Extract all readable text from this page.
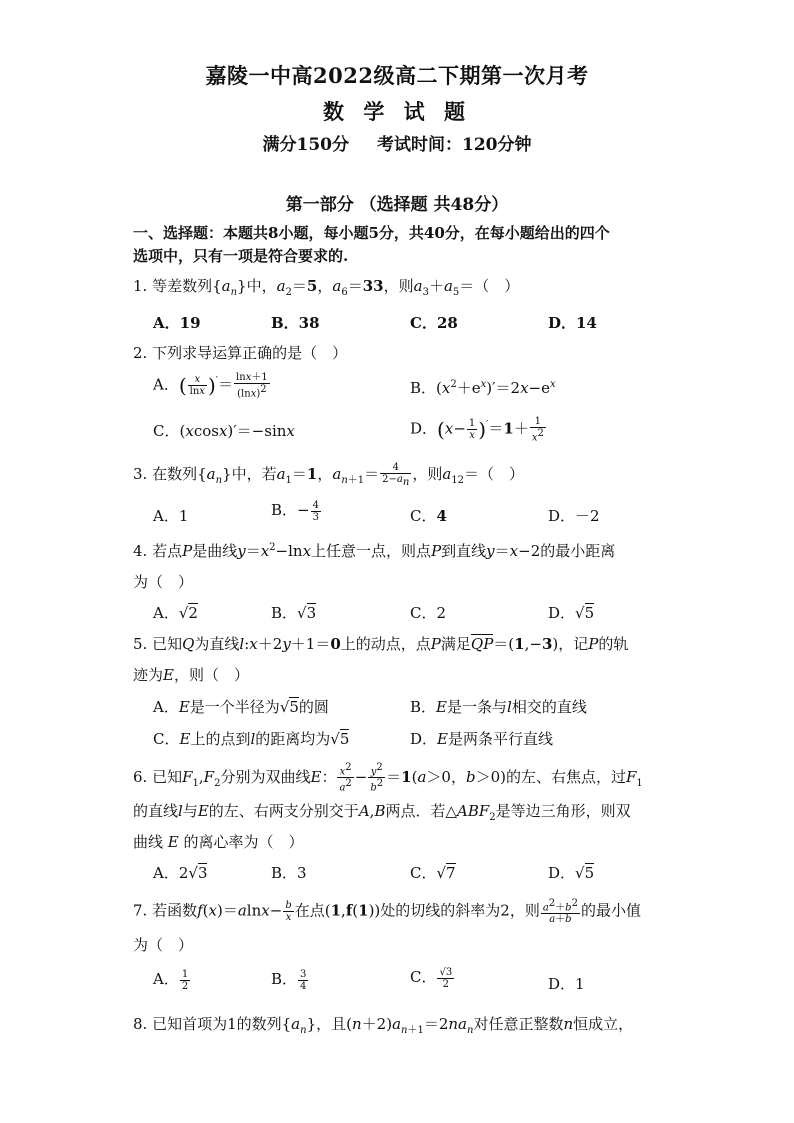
嘉陵一中高2022级高二下期第一次月考
数 学 试 题
满分150分 考试时间：120分钟
第一部分 （选择题 共48分）
一、选择题：本题共8小题，每小题5分，共40分，在每小题给出的四个
选项中，只有一项是符合要求的.
1. 等差数列$\{a_n\}$中，$a_2=5$，$a_6=33$，则$a_3+a_5=$（　）
A．19	B．38	C．28	D．14
2. 下列求导运算正确的是（　）
A．( $\frac{x}{\ln x} )'= \frac{\ln x+1}{(\ln x)^2}$	B．$(x^2+e^x)'=2x-e^x$
C．(xcosx)′＝−sinx	D．$(x- \frac{1}{x} )'=1+ \frac{1}{x^2}$
3. 在数列$\{a_n\}$中，若$a_1=1$，$a_{n+1}= \frac{4}{2-a_n}$ ，则$a_{12}=$（　）
A．1	B．− $\frac{4}{3}$	C．4	D．－2
4. 若点P是曲线$y=x^2-\ln x$上任意一点，则点P到直线y＝x−2的最小距离
为（　）
A．√2	B．√3	C．2	D．√5
5. 已知Q为直线l:x＋2y＋1＝0上的动点，点P满足QP＝(1,−3)，记P的轨
迹为E，则（　）
A．E是一个半径为√5的圆	B．E是一条与l相交的直线
C．E上的点到l的距离均为√5	D．E是两条平行直线
6. 已知$F_1,F_2$分别为双曲线E： $\frac{x^2}{a^2} - \frac{y^2}{b^2} =1(a>0$，b＞0)的左、右焦点，过$F_1$
的直线l与E的左、右两支分别交于A,B两点．若$\triangle ABF_2$是等边三角形，则双
曲线 E 的离心率为（　）
A．2√3	B．3	C．√7	D．√5
7. 若函数$f(x)=alnx- \frac{b}{x}$ 在点(1,f(1))处的切线的斜率为2，则 $\frac{a^2+b^2}{a+b}$ 的最小值
为（　）
A． $\frac{1}{2}$	B． $\frac{3}{4}$	C． $\frac{√3}{2}$	D．1
8. 已知首项为1的数列$\{a_n\}$，且$(n+2)a_{n+1}=2na_n$对任意正整数n恒成立，
